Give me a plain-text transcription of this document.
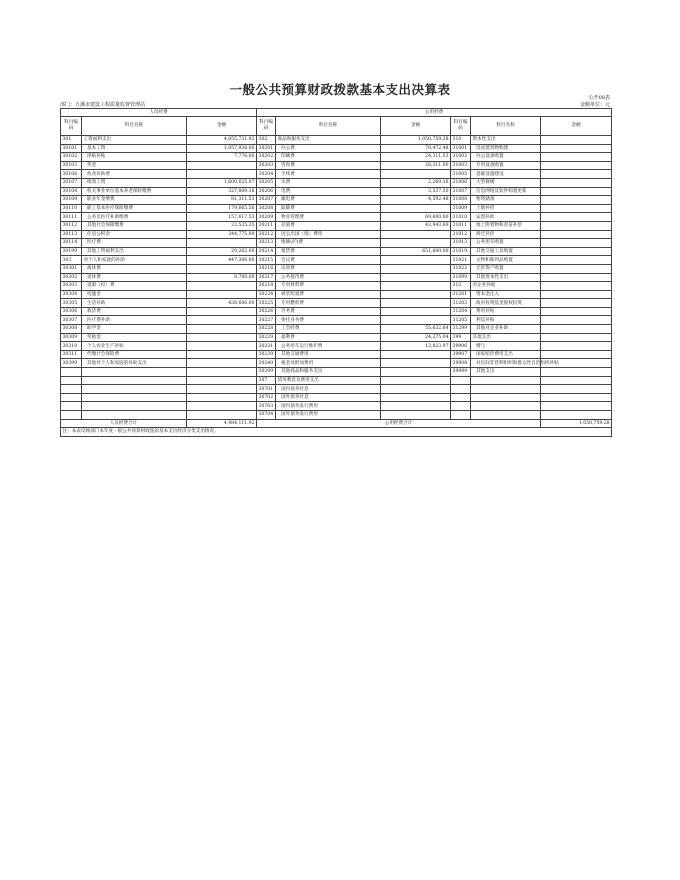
一般公共预算财政拨款基本支出决算表
公开08表
部门：五溪市建设工程质量监督管理站	金额单位：元
人员经费			公用经费					
科目编码	科目名称	金额	科目编码	科目名称	金额	科目编码	科目名称	金额
301	工资福利支出	4,055,731.92	302	商品和服务支出	1,050,759.28	310	资本性支出	
30101	基本工资	1,057,938.00	30201	办公费	70,472.48	31001	房屋建筑物购建	
30102	津贴补贴	7,776.00	30202	印刷费	24,311.53	31002	办公设备购置	
30103	奖金		30203	咨询费	28,311.00	31003	专用设备购置	
30106	伙食补助费		30204	手续费		31005	基础设施建设	
30107	绩效工资	1,600,625.07	30205	水费	2,269.16	31006	大型修缮	
30108	机关事业单位基本养老保险缴费	327,809.18	30206	电费	3,537.50	31007	信息网络及软件购置更新	
30109	职业年金缴费	81,311.51	30207	邮电费	4,592.48	31008	物资储备	
30110	职工基本医疗保险缴费	179,665.56	30208	取暖费		31009	土地补偿	
30111	公务员医疗补助缴费	157,617.53	30209	物业管理费	69,600.00	31010	安置补助	
30112	其他社会保障缴费	22,535.35	30211	差旅费	43,943.69	31011	地上附着物和青苗补偿	
30113	住房公积金	344,775.00	30212	因公出国（境）费用		31012	拆迁补偿	
30114	医疗费		30213	维修(护)费		31013	公务用车购置	
30199	其他工资福利支出	29,262.00	30214	租赁费	651,600.00	31019	其他交通工具购置	
303	对个人和家庭的补助	447,306.00	30215	会议费		31021	文物和陈列品购置	
30301	离休费		30216	培训费		31022	无形资产购置	
30302	退休费	8,700.00	30217	公务接待费		31099	其他资本性支出	
30303	退职（役）费		30218	专用材料费		312	对企业补助	
30304	抚恤金		30224	被装购置费		31201	资本金注入	
30305	生活补助	438,606.00	30225	专用燃料费		31203	政府投资基金股权投资	
30306	救济费		30226	劳务费		31204	费用补贴	
30307	医疗费补助		30227	委托业务费		31205	利息补贴	
30308	助学金		30228	工会经费	55,632.64	31299	其他对企业补助	
30309	奖励金		30229	福利费	24,275.04	399	其他支出	
30310	个人农业生产补贴		30231	公务用车运行维护费	12,823.97	39906	赠与	
30311	代缴社会保险费		30239	其他交通费用		39907	国家赔偿费用支出	
30399	其他对个人和家庭的补助支出		30240	税金及附加费用		39908	对民间非营利组织和群众性自治组织补贴	
			30299	其他商品和服务支出		39999	其他支出	
			307	债务利息及费用支出				
			30701	国内债务付息				
			30702	国外债务付息				
			30703	国内债务发行费用				
			30704	国外债务发行费用				
人员经费合计		4,484,111.92	公用经费合计					1,050,759.28
注：本表反映部门本年度一般公共预算财政拨款基本支出经济分类支出情况。								
